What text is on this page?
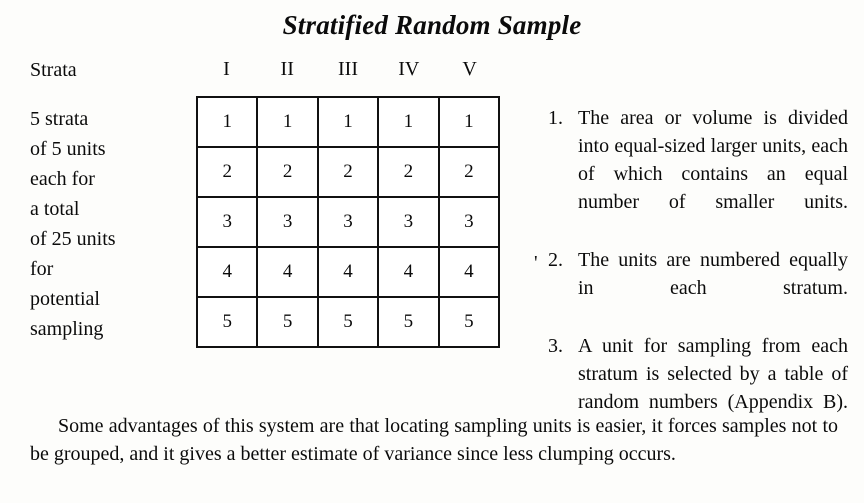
Stratified Random Sample
Strata
5 strata
of 5 units
each for
a total
of 25 units
for
potential
sampling
I	II	III	IV	V
1	1	1	1	1
2	2	2	2	2
3	3	3	3	3
4	4	4	4	4
5	5	5	5	5
'
1. The area or volume is divided into equal-sized larger units, each of which contains an equal number of smaller units.
2. The units are numbered equally in each stratum.
3. A unit for sampling from each stratum is selected by a table of random numbers (Appendix B).
Some advantages of this system are that locating sampling units is easier, it forces samples not to be grouped, and it gives a better estimate of variance since less clumping occurs.
